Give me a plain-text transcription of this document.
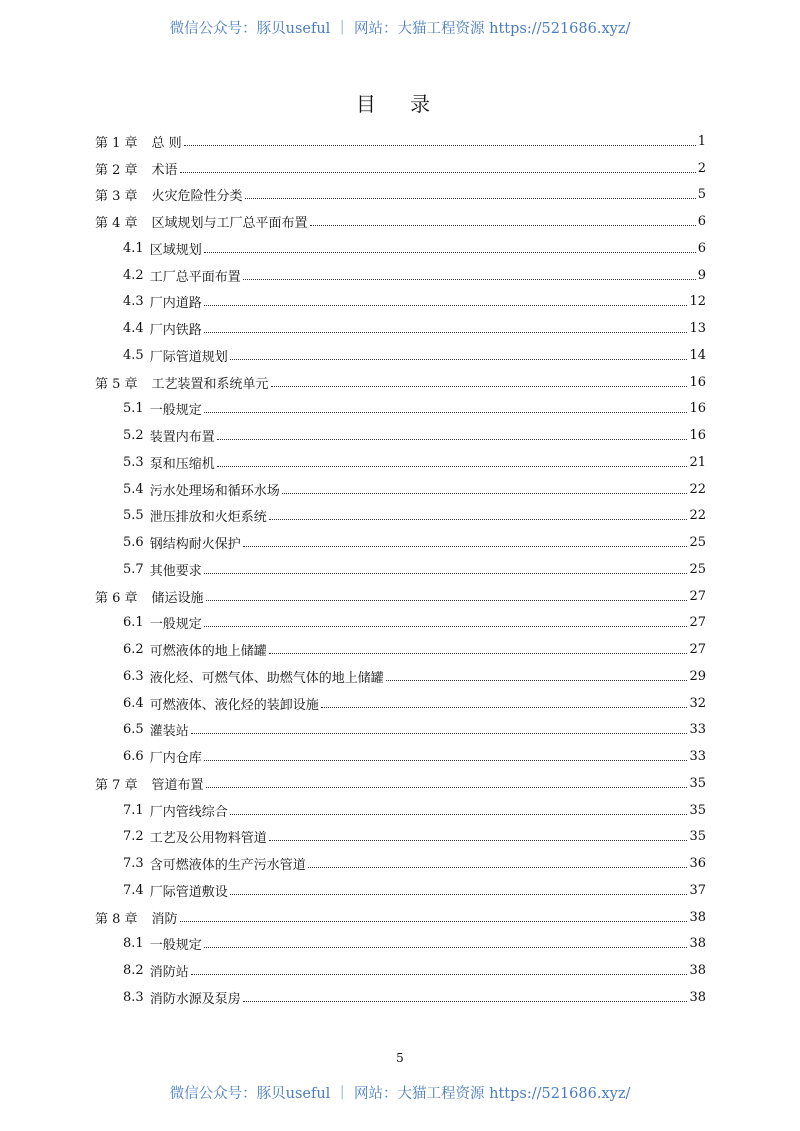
微信公众号：豚贝useful ｜ 网站：大猫工程资源 https://521686.xyz/
目 录
第 1 章 总 则	1
第 2 章 术语	2
第 3 章 火灾危险性分类	5
第 4 章 区域规划与工厂总平面布置	6
4.1 区域规划	6
4.2 工厂总平面布置	9
4.3 厂内道路	12
4.4 厂内铁路	13
4.5 厂际管道规划	14
第 5 章 工艺装置和系统单元	16
5.1 一般规定	16
5.2 装置内布置	16
5.3 泵和压缩机	21
5.4 污水处理场和循环水场	22
5.5 泄压排放和火炬系统	22
5.6 钢结构耐火保护	25
5.7 其他要求	25
第 6 章 储运设施	27
6.1 一般规定	27
6.2 可燃液体的地上储罐	27
6.3 液化烃、可燃气体、助燃气体的地上储罐	29
6.4 可燃液体、液化烃的装卸设施	32
6.5 灌装站	33
6.6 厂内仓库	33
第 7 章 管道布置	35
7.1 厂内管线综合	35
7.2 工艺及公用物料管道	35
7.3 含可燃液体的生产污水管道	36
7.4 厂际管道敷设	37
第 8 章 消防	38
8.1 一般规定	38
8.2 消防站	38
8.3 消防水源及泵房	38
5
微信公众号：豚贝useful ｜ 网站：大猫工程资源 https://521686.xyz/
